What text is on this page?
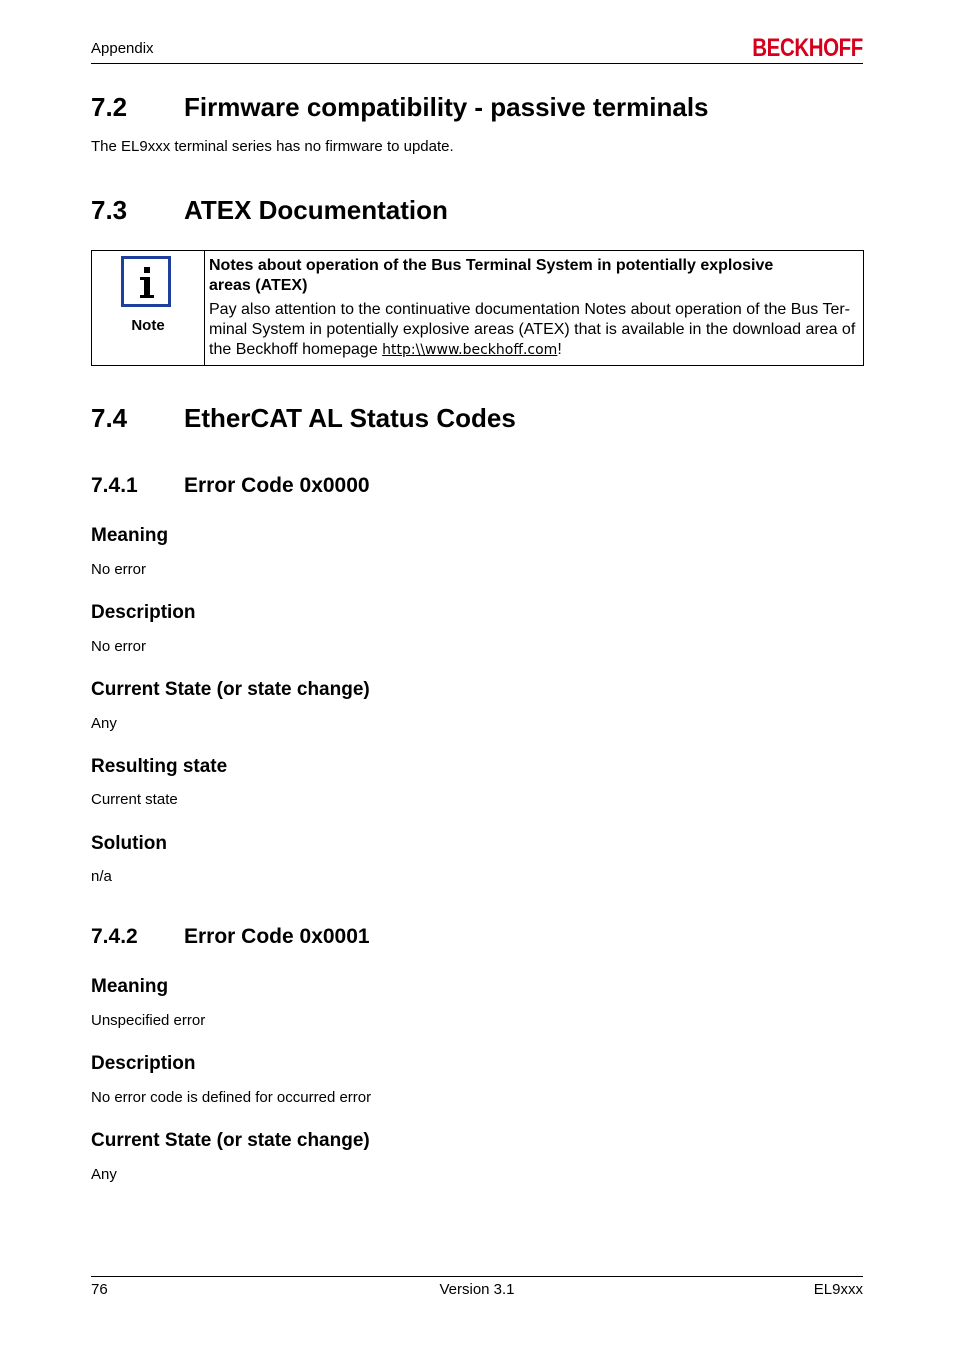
Appendix	BECKHOFF
7.2 Firmware compatibility - passive terminals
The EL9xxx terminal series has no firmware to update.
7.3 ATEX Documentation
Note
Notes about operation of the Bus Terminal System in potentially explosive
areas (ATEX)
Pay also attention to the continuative documentation Notes about operation of the Bus Ter-
minal System in potentially explosive areas (ATEX) that is available in the download area of
the Beckhoff homepage http:\\www.beckhoff.com!
7.4 EtherCAT AL Status Codes
7.4.1 Error Code 0x0000
Meaning
No error
Description
No error
Current State (or state change)
Any
Resulting state
Current state
Solution
n/a
7.4.2 Error Code 0x0001
Meaning
Unspecified error
Description
No error code is defined for occurred error
Current State (or state change)
Any
76	Version 3.1	EL9xxx
